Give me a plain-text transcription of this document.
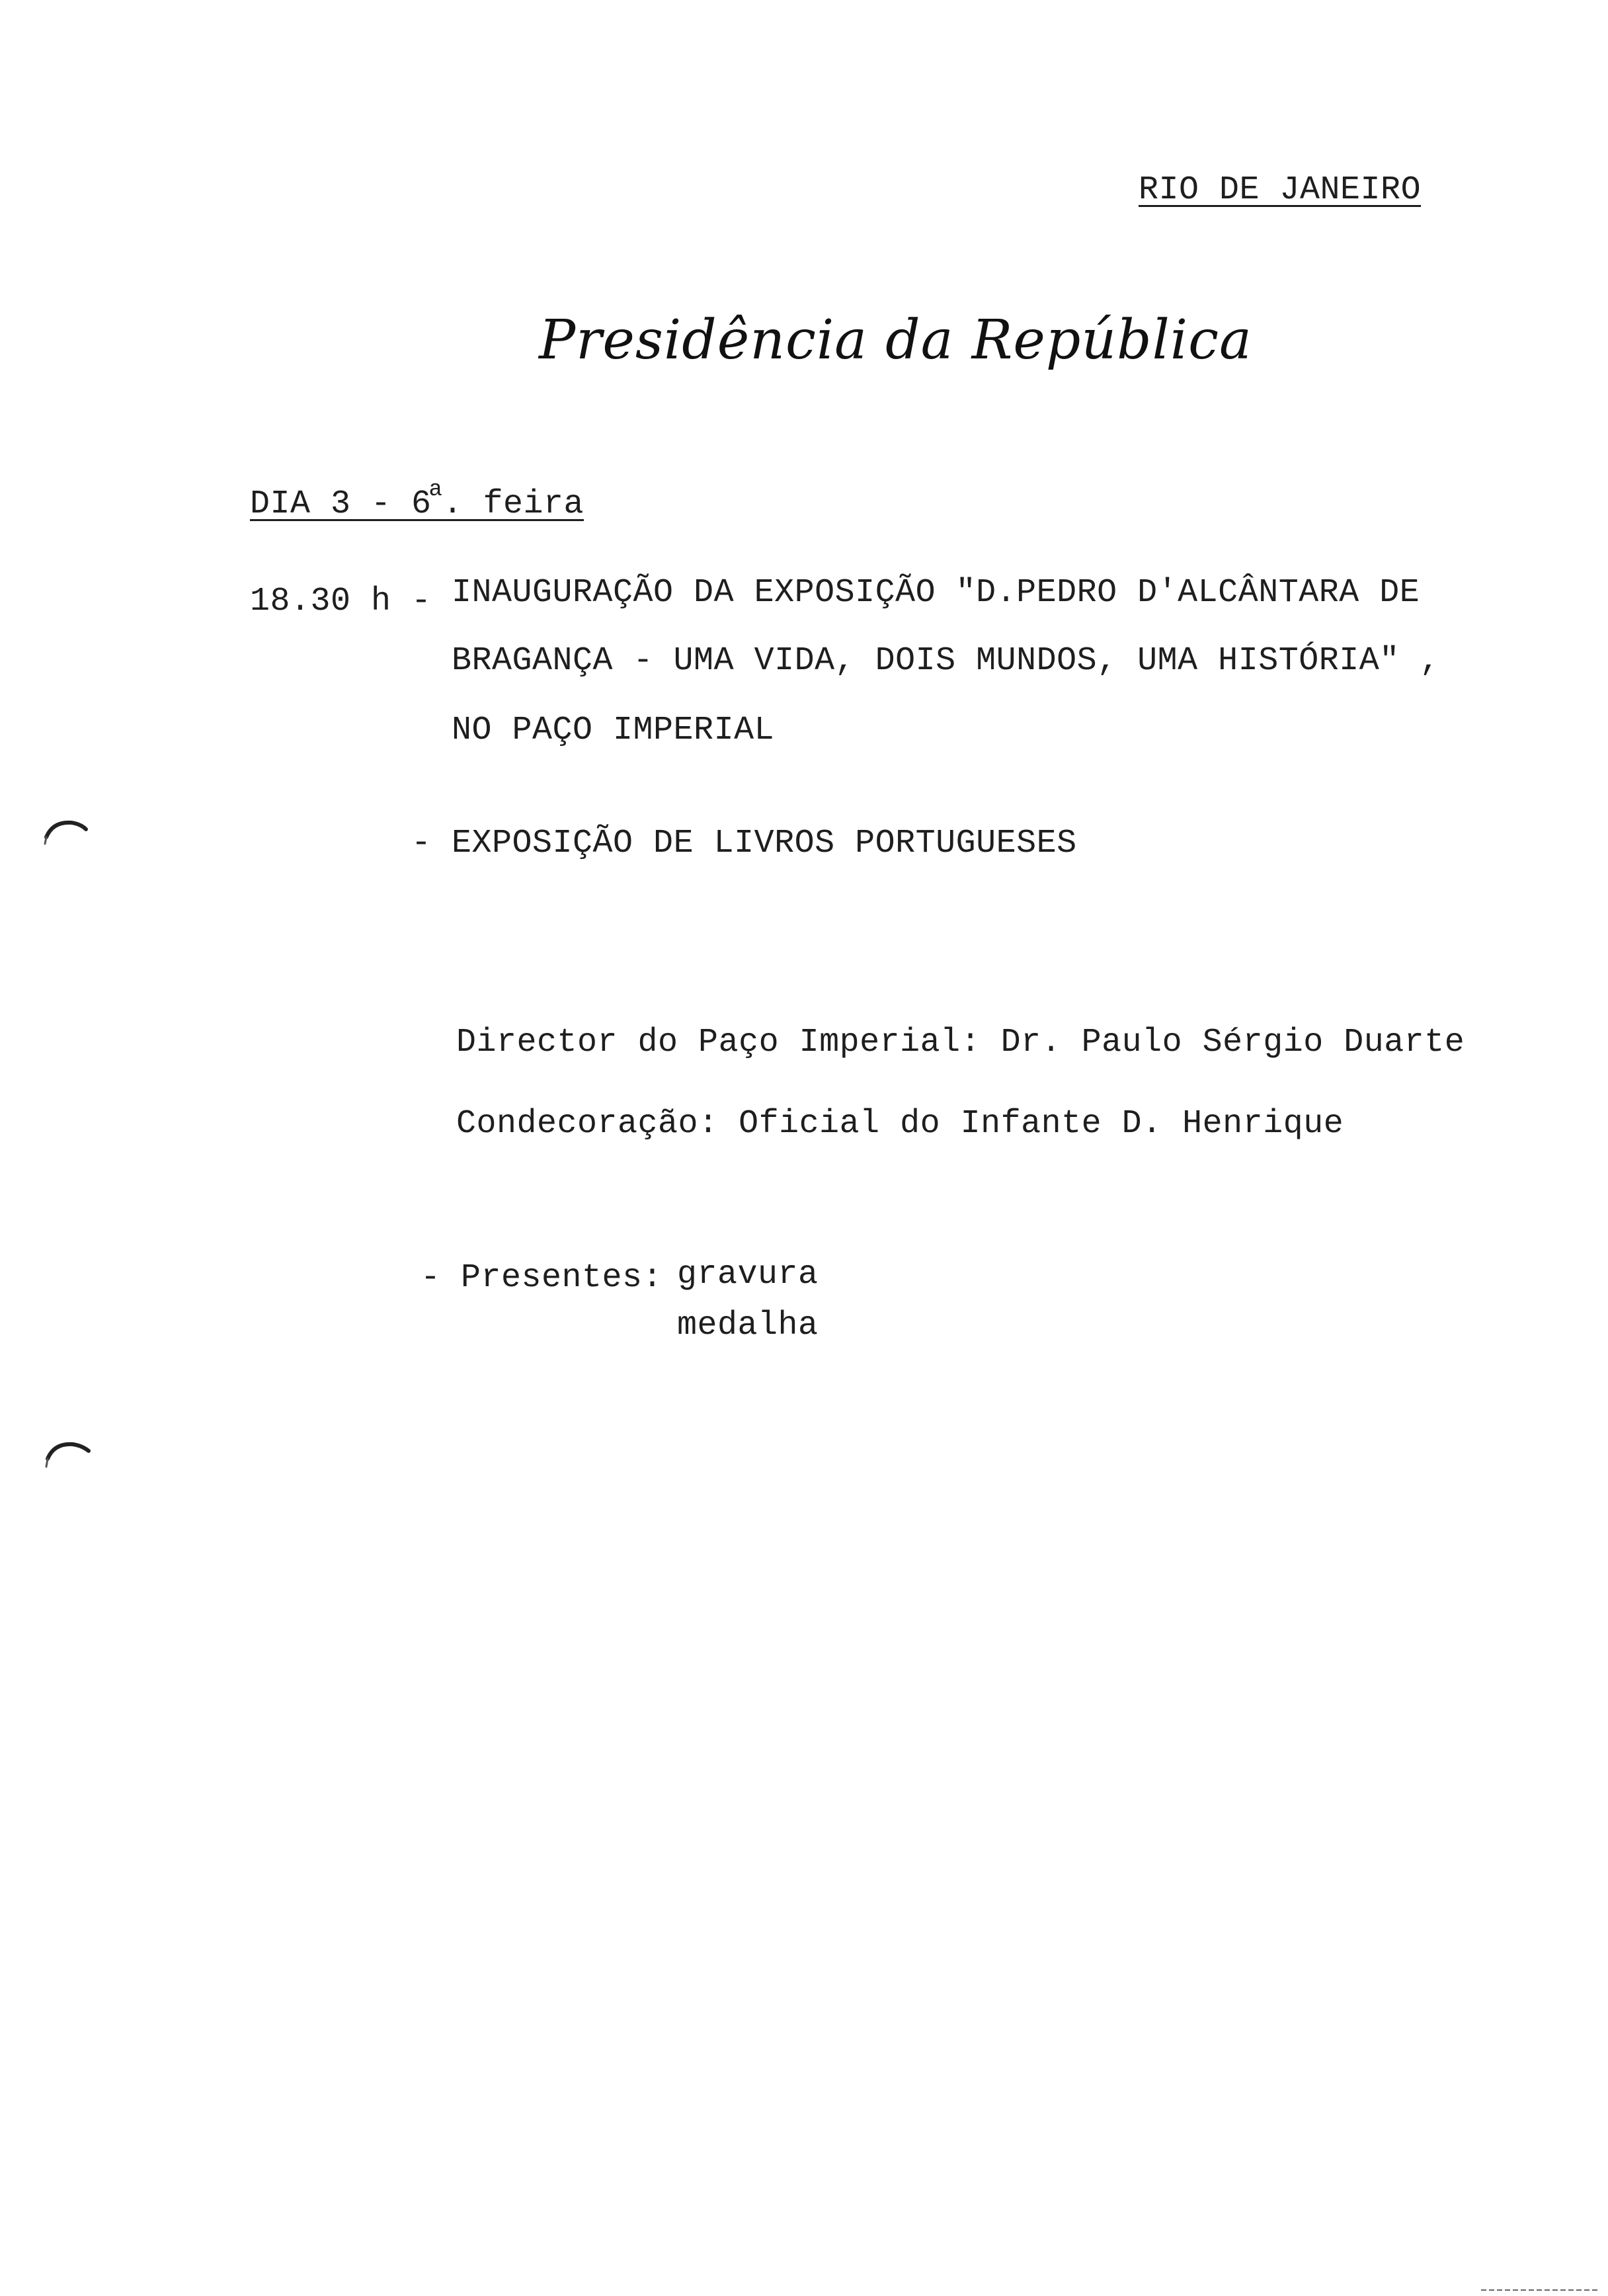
RIO DE JANEIRO
Presidência da República
DIA 3 - 6$^a$. feira
18.30 h - INAUGURAÇÃO DA EXPOSIÇÃO "D.PEDRO D'ALCÂNTARA DE
BRAGANÇA - UMA VIDA, DOIS MUNDOS, UMA HISTÓRIA" ,
NO PAÇO IMPERIAL
- EXPOSIÇÃO DE LIVROS PORTUGUESES
Director do Paço Imperial: Dr. Paulo Sérgio Duarte
Condecoração: Oficial do Infante D. Henrique
- Presentes: gravura
medalha
